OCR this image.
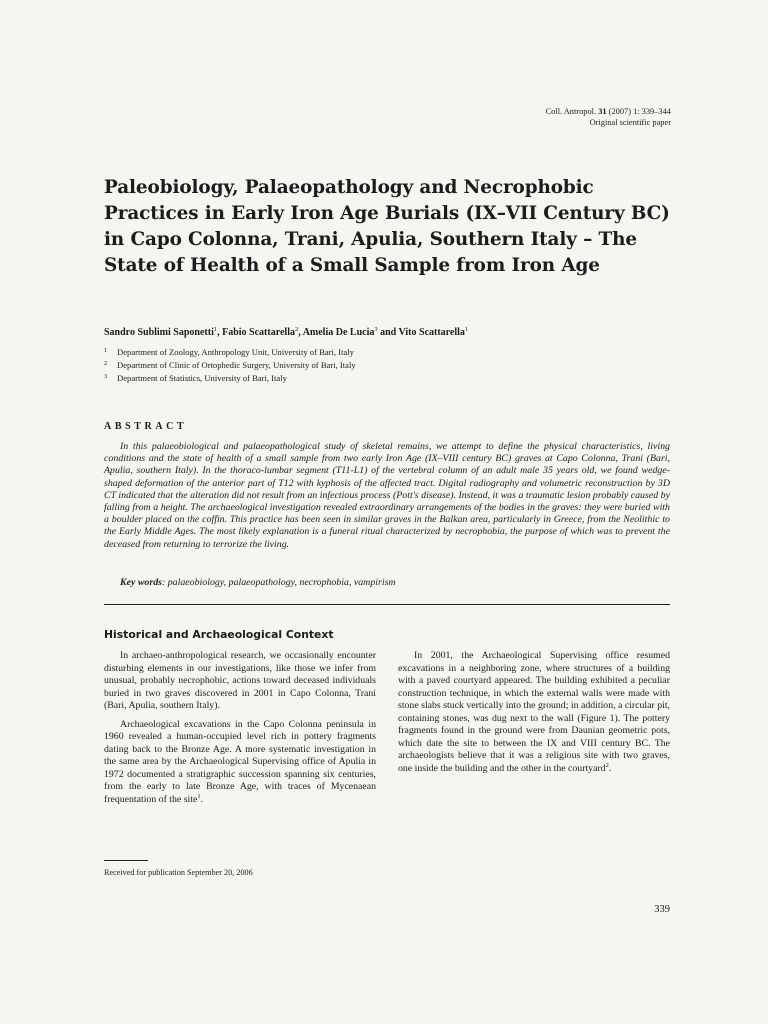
Coll. Antropol. 31 (2007) 1: 339–344
Original scientific paper
Paleobiology, Palaeopathology and Necrophobic Practices in Early Iron Age Burials (IX–VII Century BC) in Capo Colonna, Trani, Apulia, Southern Italy – The State of Health of a Small Sample from Iron Age
Sandro Sublimi Saponetti$^1$, Fabio Scattarella$^2$, Amelia De Lucia$^3$ and Vito Scattarella$^1$
1	Department of Zoology, Anthropology Unit, University of Bari, Italy
2	Department of Clinic of Ortophedic Surgery, University of Bari, Italy
3	Department of Statistics, University of Bari, Italy
ABSTRACT

In this palaeobiological and palaeopathological study of skeletal remains, we attempt to define the physical characteristics, living conditions and the state of health of a small sample from two early Iron Age (IX–VIII century BC) graves at Capo Colonna, Trani (Bari, Apulia, southern Italy). In the thoraco-lumbar segment (T11-L1) of the vertebral column of an adult male 35 years old, we found wedge-shaped deformation of the anterior part of T12 with kyphosis of the affected tract. Digital radiography and volumetric reconstruction by 3D CT indicated that the alteration did not result from an infectious process (Pott's disease). Instead, it was a traumatic lesion probably caused by falling from a height. The archaeological investigation revealed extraordinary arrangements of the bodies in the graves: they were buried with a boulder placed on the coffin. This practice has been seen in similar graves in the Balkan area, particularly in Greece, from the Neolithic to the Early Middle Ages. The most likely explanation is a funeral ritual characterized by necrophobia, the purpose of which was to prevent the deceased from returning to terrorize the living.

Key words: palaeobiology, palaeopathology, necrophobia, vampirism
Historical and Archaeological Context

In archaeo-anthropological research, we occasionally encounter disturbing elements in our investigations, like those we infer from unusual, probably necrophobic, actions toward deceased individuals buried in two graves discovered in 2001 in Capo Colonna, Trani (Bari, Apulia, southern Italy).

Archaeological excavations in the Capo Colonna peninsula in 1960 revealed a human-occupied level rich in pottery fragments dating back to the Bronze Age. A more systematic investigation in the same area by the Archaeological Supervising office of Apulia in 1972 documented a stratigraphic succession spanning six centuries, from the early to late Bronze Age, with traces of Mycenaean frequentation of the site$^1$.

In 2001, the Archaeological Supervising office resumed excavations in a neighboring zone, where structures of a building with a paved courtyard appeared. The building exhibited a peculiar construction technique, in which the external walls were made with stone slabs stuck vertically into the ground; in addition, a circular pit, containing stones, was dug next to the wall (Figure 1). The pottery fragments found in the ground were from Daunian geometric pots, which date the site to between the IX and VIII century BC. The archaeologists believe that it was a religious site with two graves, one inside the building and the other in the courtyard$^2$.

Received for publication September 20, 2006
339
